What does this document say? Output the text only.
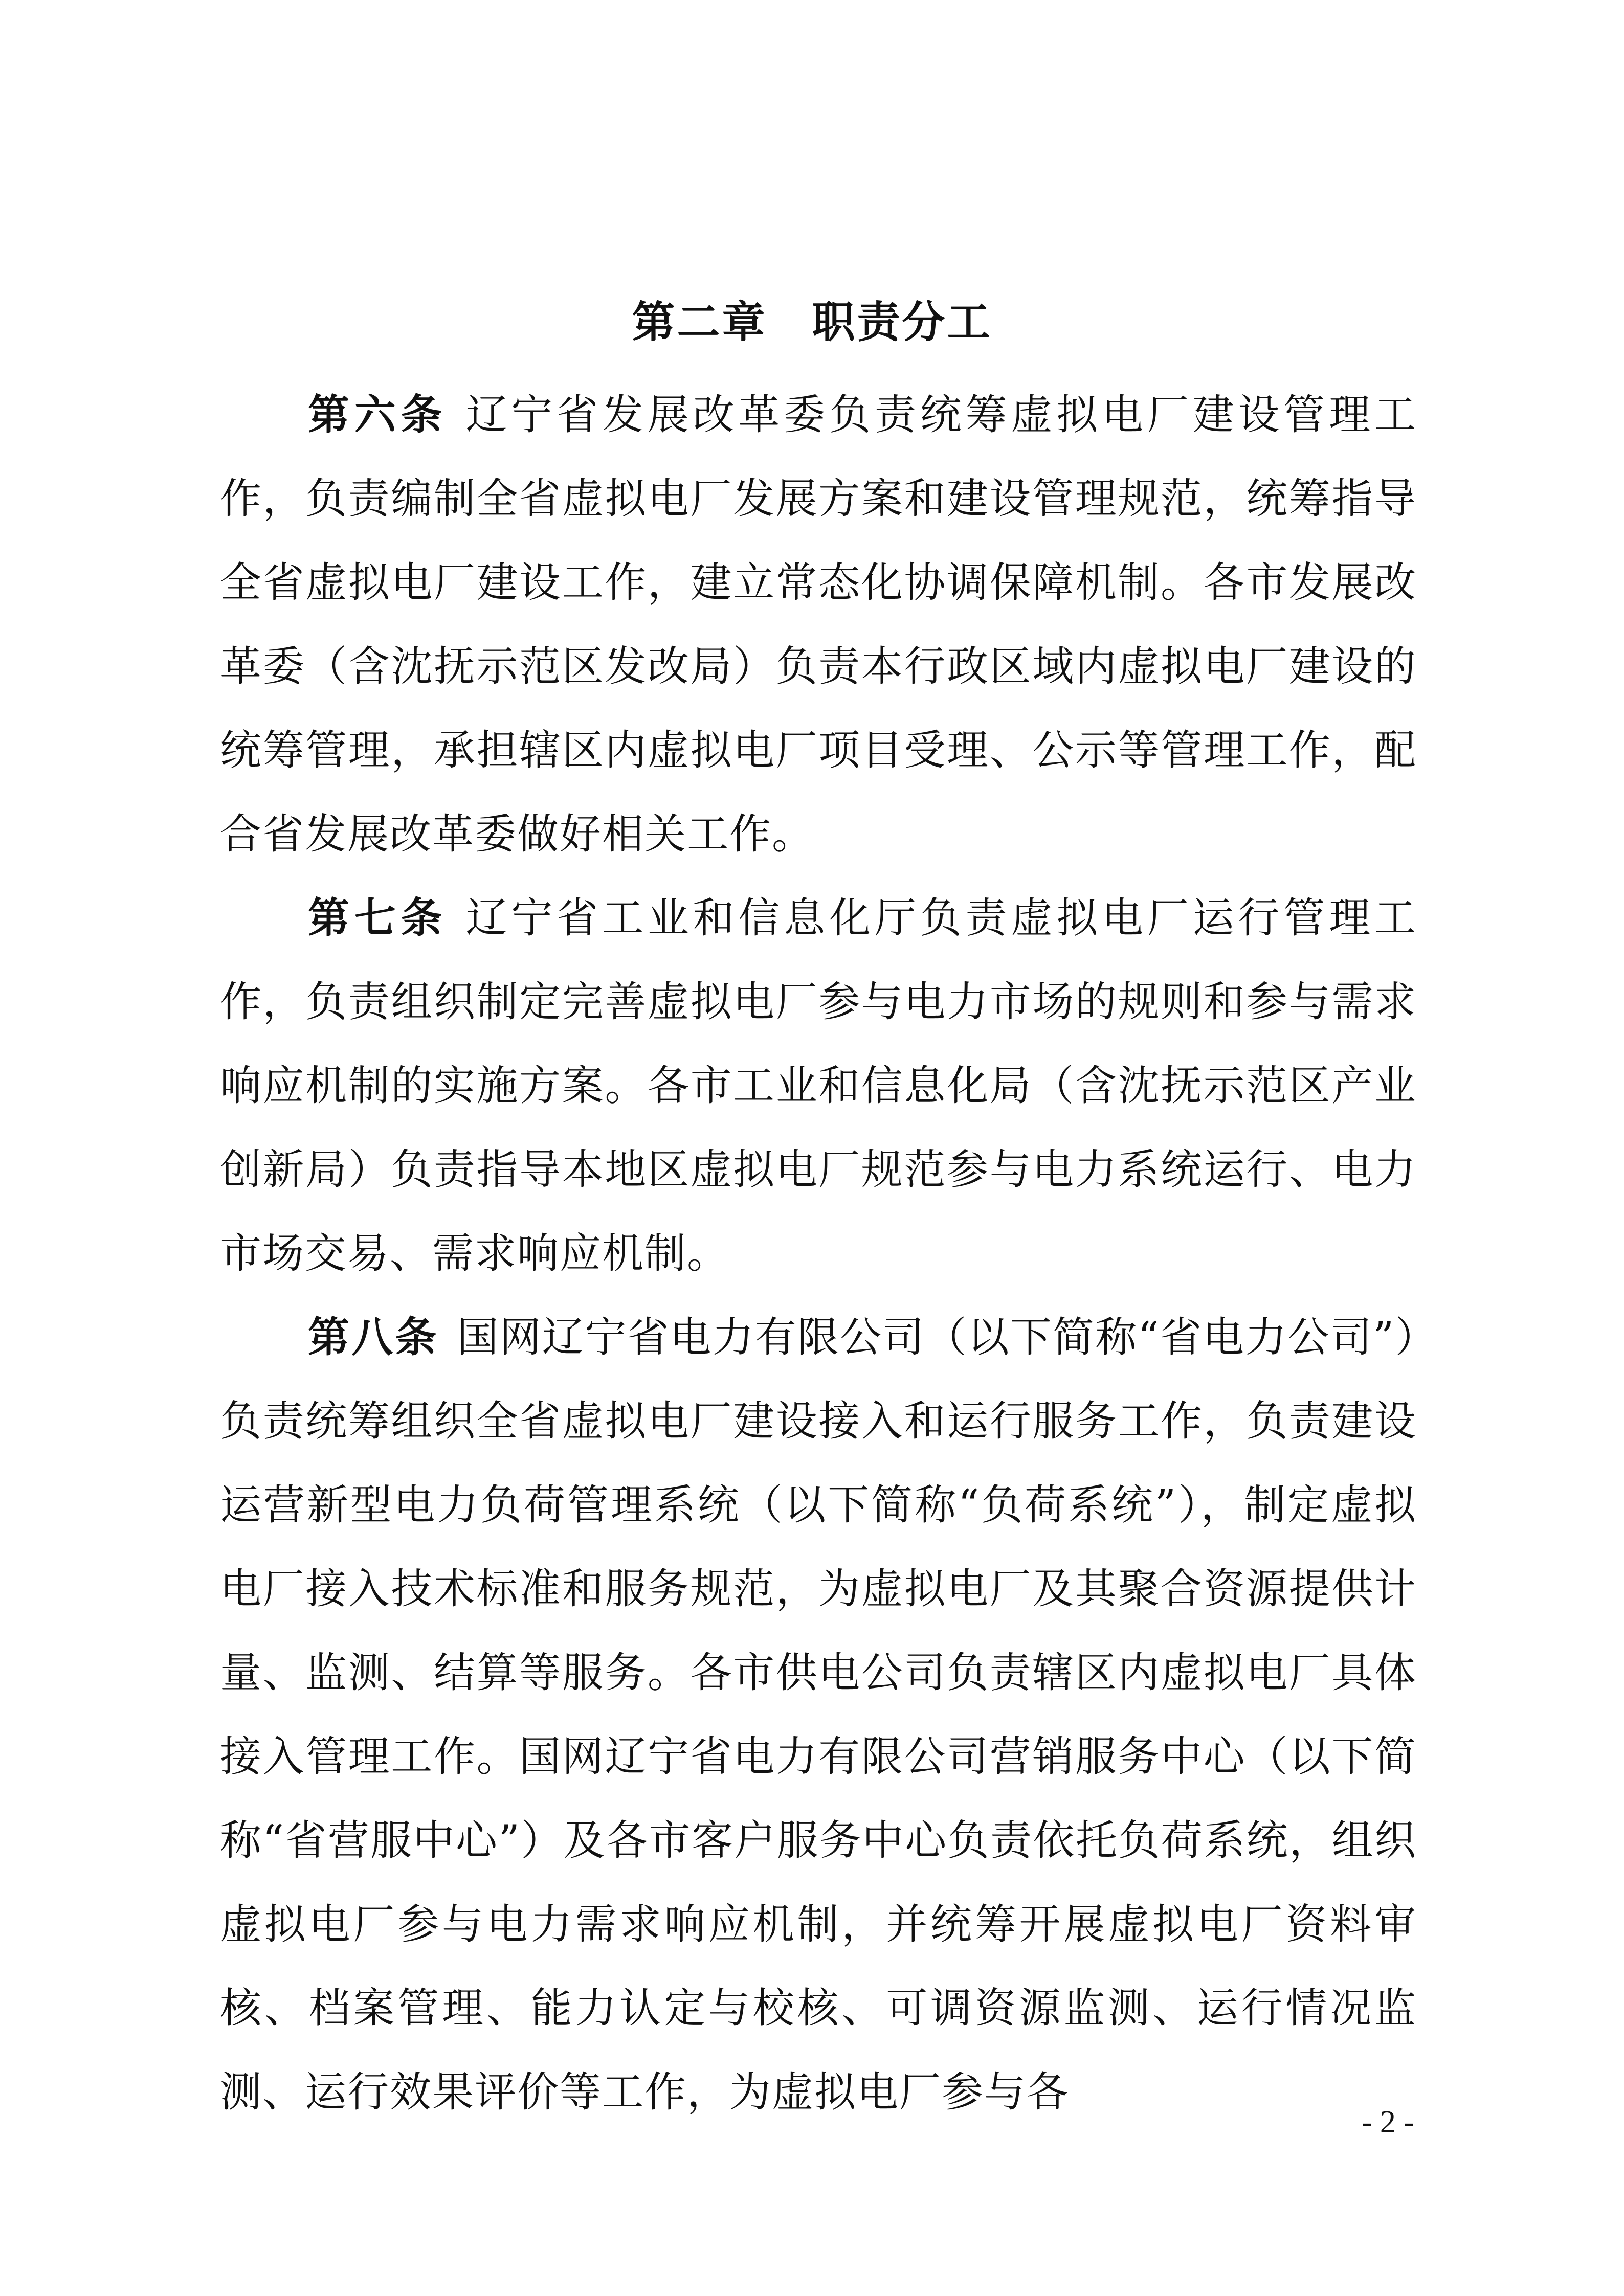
第二章　职责分工

第六条 辽宁省发展改革委负责统筹虚拟电厂建设管理工作，负责编制全省虚拟电厂发展方案和建设管理规范，统筹指导全省虚拟电厂建设工作，建立常态化协调保障机制。各市发展改革委（含沈抚示范区发改局）负责本行政区域内虚拟电厂建设的统筹管理，承担辖区内虚拟电厂项目受理、公示等管理工作，配合省发展改革委做好相关工作。

第七条 辽宁省工业和信息化厅负责虚拟电厂运行管理工作，负责组织制定完善虚拟电厂参与电力市场的规则和参与需求响应机制的实施方案。各市工业和信息化局（含沈抚示范区产业创新局）负责指导本地区虚拟电厂规范参与电力系统运行、电力市场交易、需求响应机制。

第八条 国网辽宁省电力有限公司（以下简称“省电力公司”）负责统筹组织全省虚拟电厂建设接入和运行服务工作，负责建设运营新型电力负荷管理系统（以下简称“负荷系统”），制定虚拟电厂接入技术标准和服务规范，为虚拟电厂及其聚合资源提供计量、监测、结算等服务。各市供电公司负责辖区内虚拟电厂具体接入管理工作。国网辽宁省电力有限公司营销服务中心（以下简称“省营服中心”）及各市客户服务中心负责依托负荷系统，组织虚拟电厂参与电力需求响应机制，并统筹开展虚拟电厂资料审核、档案管理、能力认定与校核、可调资源监测、运行情况监测、运行效果评价等工作，为虚拟电厂参与各

- 2 -
